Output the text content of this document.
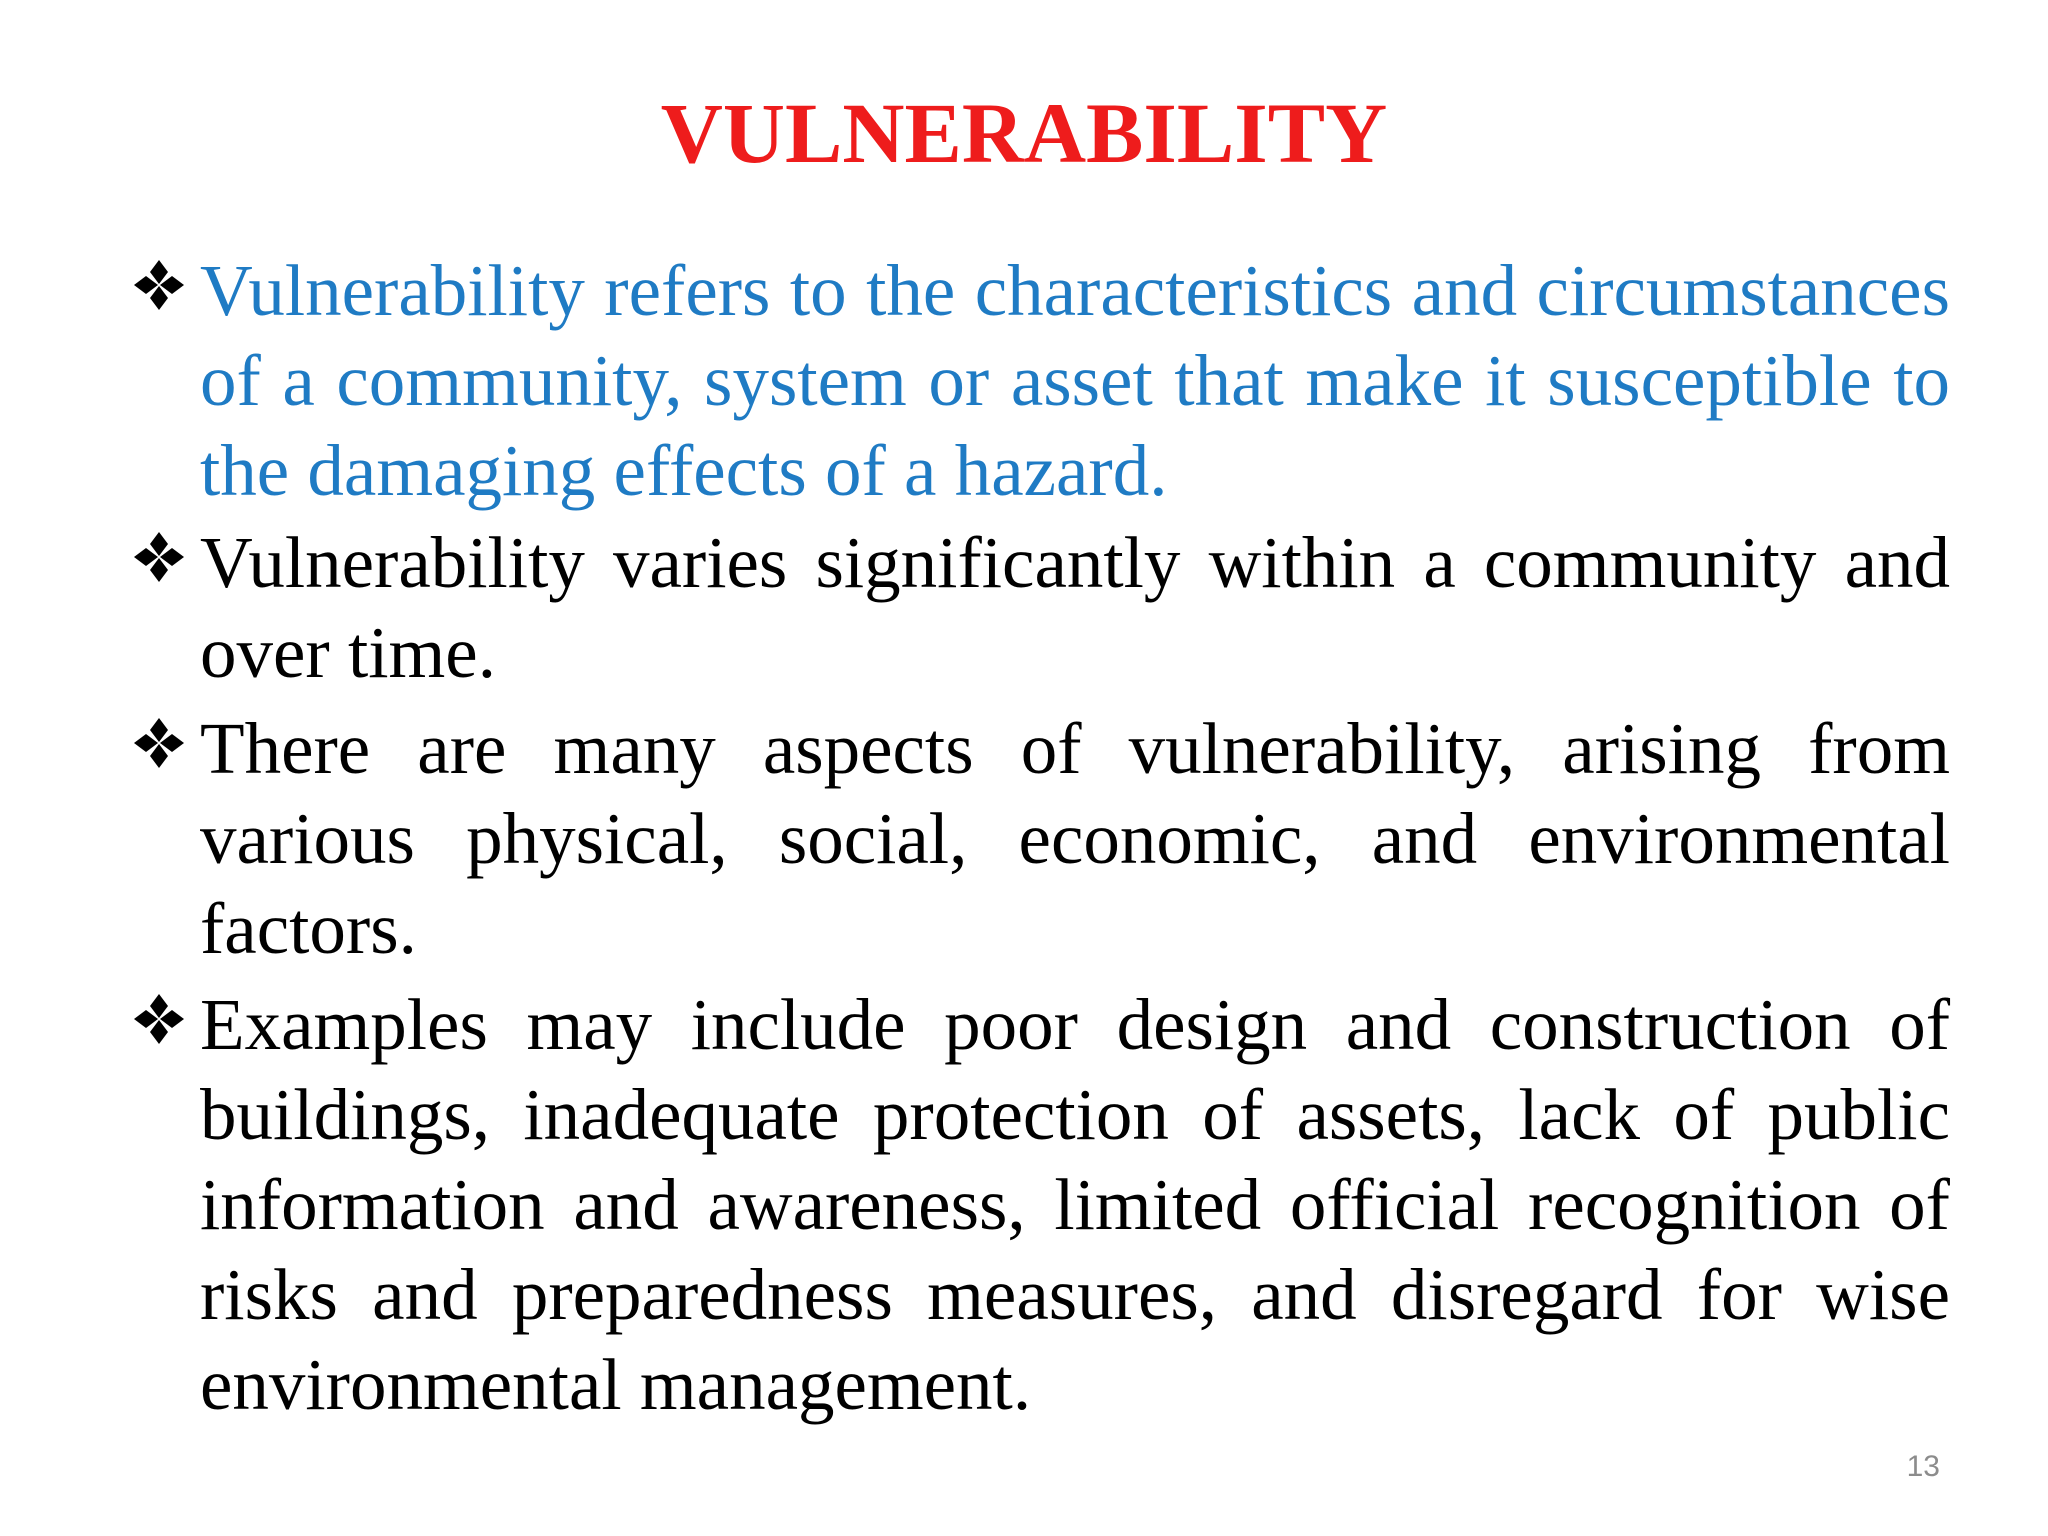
VULNERABILITY
Vulnerability refers to the characteristics and circumstances of a community, system or asset that make it susceptible to the damaging effects of a hazard.
Vulnerability varies significantly within a community and over time.
There are many aspects of vulnerability, arising from various physical, social, economic, and environmental factors.
Examples may include poor design and construction of buildings, inadequate protection of assets, lack of public information and awareness, limited official recognition of risks and preparedness measures, and disregard for wise environmental management.
13
